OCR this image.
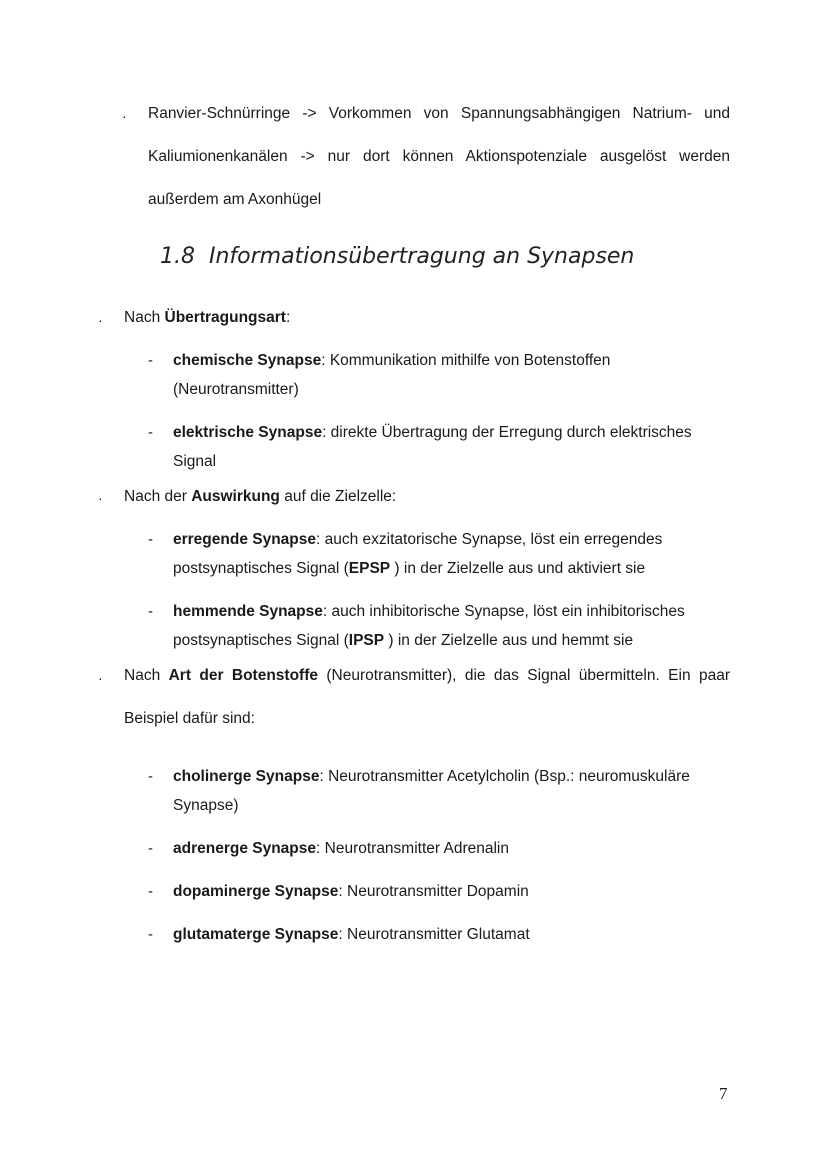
· Ranvier-Schnürringe -> Vorkommen von Spannungsabhängigen Natrium- und
Kaliumionenkanälen -> nur dort können Aktionspotenziale ausgelöst werden
außerdem am Axonhügel
1.8 Informationsübertragung an Synapsen
· Nach Übertragungsart:
- chemische Synapse: Kommunikation mithilfe von Botenstoffen
(Neurotransmitter)
- elektrische Synapse: direkte Übertragung der Erregung durch elektrisches
Signal
· Nach der Auswirkung auf die Zielzelle:
- erregende Synapse: auch exzitatorische Synapse, löst ein erregendes
postsynaptisches Signal (EPSP ) in der Zielzelle aus und aktiviert sie
- hemmende Synapse: auch inhibitorische Synapse, löst ein inhibitorisches
postsynaptisches Signal (IPSP ) in der Zielzelle aus und hemmt sie
· Nach Art der Botenstoffe (Neurotransmitter), die das Signal übermitteln. Ein paar
Beispiel dafür sind:
- cholinerge Synapse: Neurotransmitter Acetylcholin (Bsp.: neuromuskuläre
Synapse)
- adrenerge Synapse: Neurotransmitter Adrenalin
- dopaminerge Synapse: Neurotransmitter Dopamin
- glutamaterge Synapse: Neurotransmitter Glutamat
7
